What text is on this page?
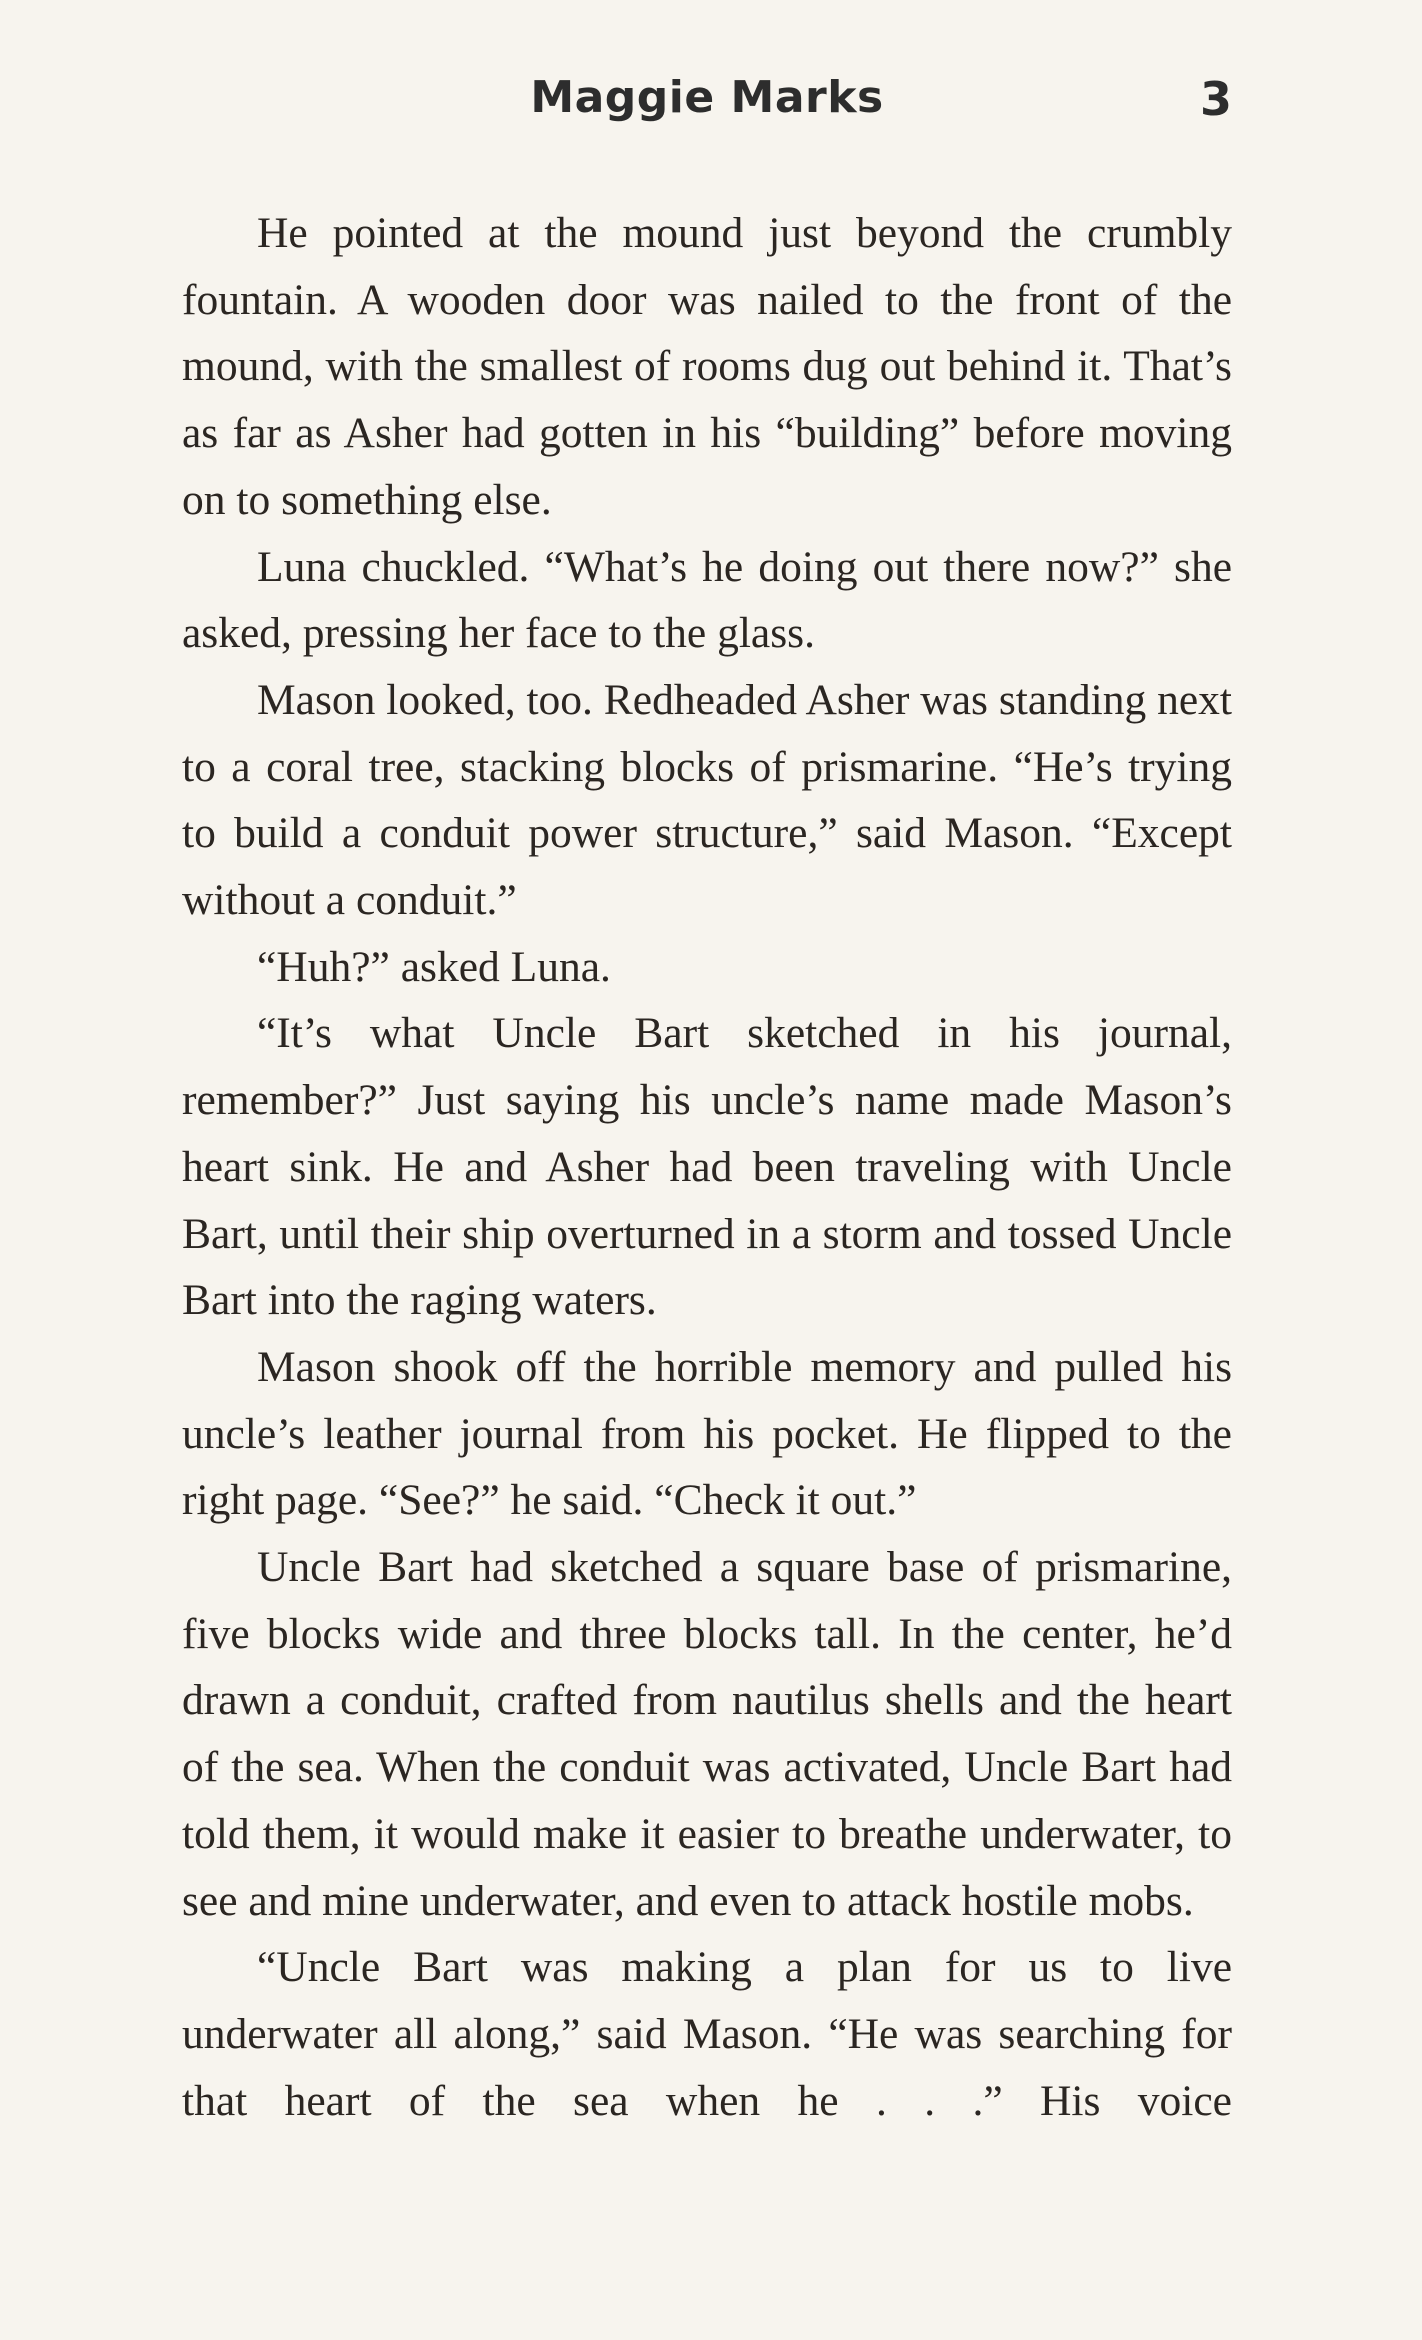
Maggie Marks	3

He pointed at the mound just beyond the crumbly fountain. A wooden door was nailed to the front of the mound, with the smallest of rooms dug out behind it. That’s as far as Asher had gotten in his “building” before moving on to something else.

Luna chuckled. “What’s he doing out there now?” she asked, pressing her face to the glass.

Mason looked, too. Redheaded Asher was standing next to a coral tree, stacking blocks of prismarine. “He’s trying to build a conduit power structure,” said Mason. “Except without a conduit.”

“Huh?” asked Luna.

“It’s what Uncle Bart sketched in his journal, remember?” Just saying his uncle’s name made Mason’s heart sink. He and Asher had been traveling with Uncle Bart, until their ship overturned in a storm and tossed Uncle Bart into the raging waters.

Mason shook off the horrible memory and pulled his uncle’s leather journal from his pocket. He flipped to the right page. “See?” he said. “Check it out.”

Uncle Bart had sketched a square base of prismarine, five blocks wide and three blocks tall. In the center, he’d drawn a conduit, crafted from nautilus shells and the heart of the sea. When the conduit was activated, Uncle Bart had told them, it would make it easier to breathe underwater, to see and mine underwater, and even to attack hostile mobs.

“Uncle Bart was making a plan for us to live underwater all along,” said Mason. “He was searching for that heart of the sea when he . . .” His voice
